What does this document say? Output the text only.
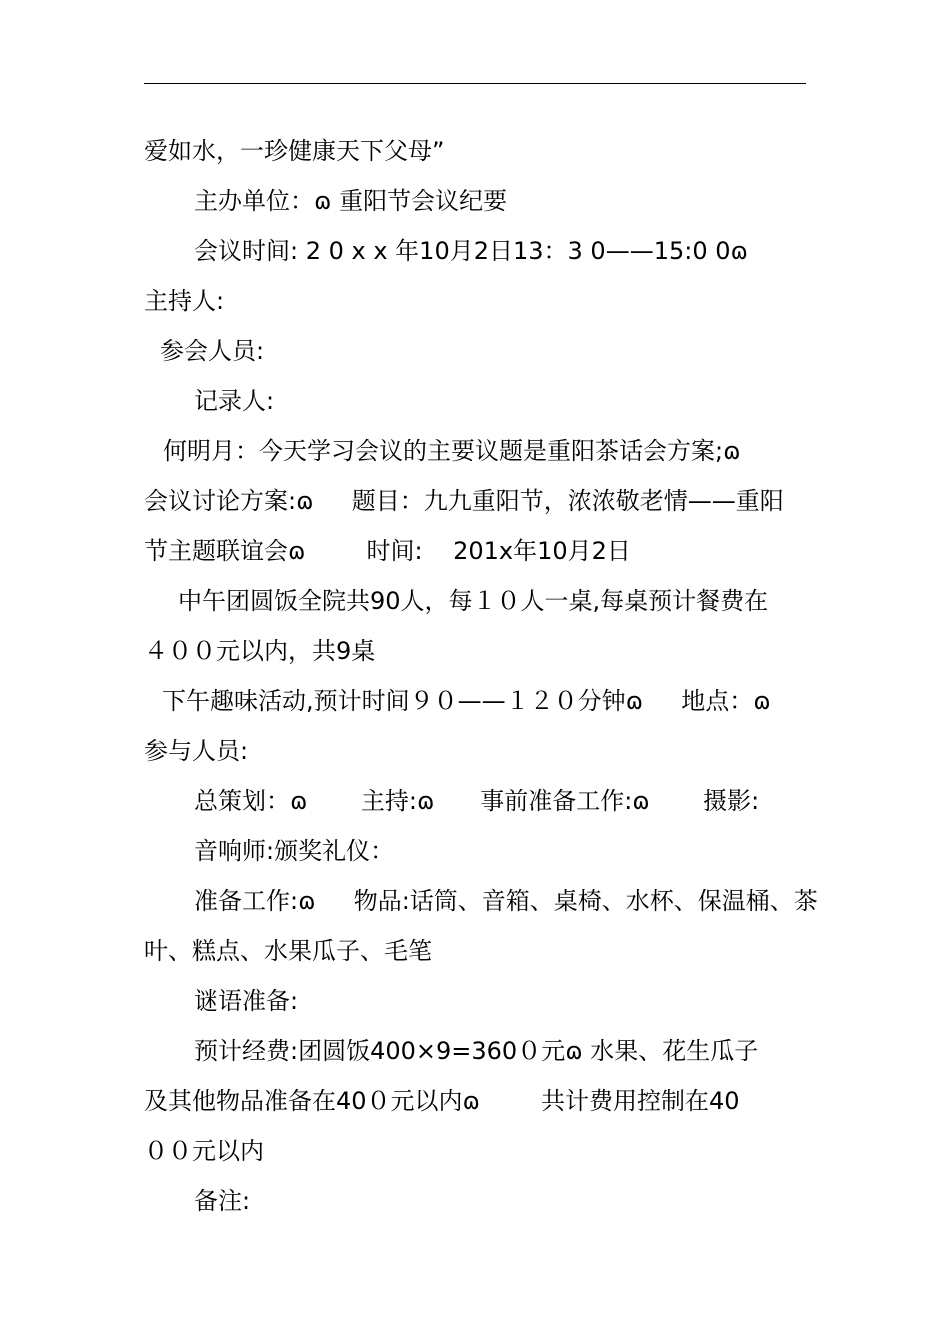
爱如水，一珍健康天下父母”
主办单位：ɷ 重阳节会议纪要
会议时间: 2 0 x x 年10月2日13：3 0——15:0 0ɷ
主持人:
参会人员:
记录人:
何明月：今天学习会议的主要议题是重阳茶话会方案;ɷ
会议讨论方案:ɷ     题目：九九重阳节，浓浓敬老情——重阳
节主题联谊会ɷ        时间:    201x年10月2日
中午团圆饭全院共90人，每１０人一桌,每桌预计餐费在
４００元以内，共9桌
下午趣味活动,预计时间９０——１２０分钟ɷ     地点：ɷ
参与人员:
总策划：ɷ       主持:ɷ      事前准备工作:ɷ       摄影:
音响师:颁奖礼仪：
准备工作:ɷ     物品:话筒、音箱、桌椅、水杯、保温桶、茶
叶、糕点、水果瓜子、毛笔
谜语准备:
预计经费:团圆饭400×9=360０元ɷ 水果、花生瓜子
及其他物品准备在40０元以内ɷ        共计费用控制在40
００元以内
备注:
